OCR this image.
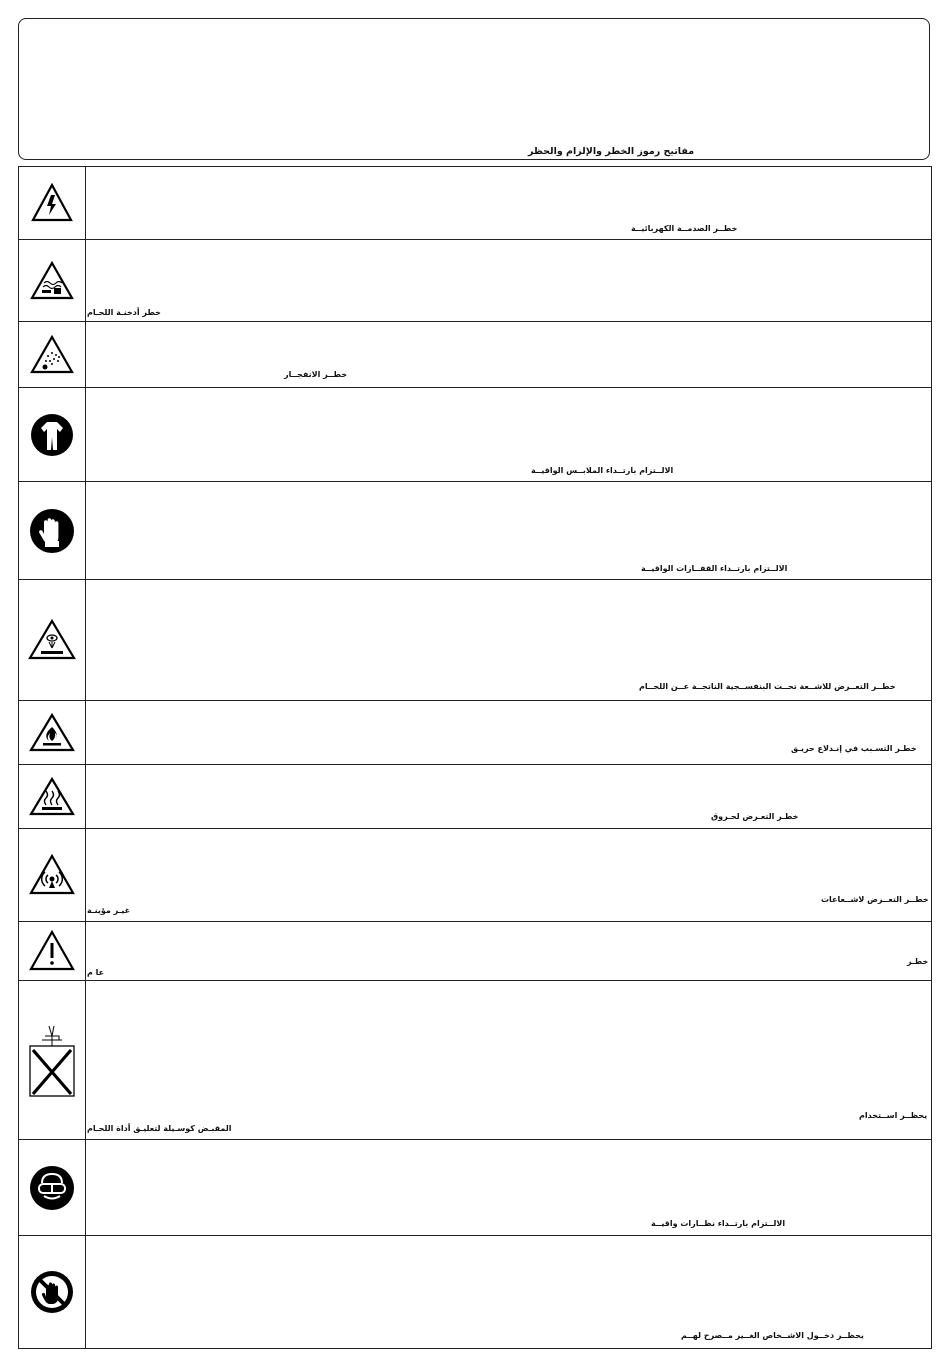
مفاتيح رموز الخطر والإلزام والحظر
خطــر الصدمــة الكهربائيــة
خطر أدخنـة اللحـام
خطــر الانفجــار
الالــتزام بارتــداء الملابــس الواقيــة
الالــتزام بارتــداء القفــازات الواقيــة
خطــر التعــرض للاشــعة تحــت البنفســجية الناتجــة عــن اللحــام
خطـر التسـبب في إنـدلاع حريـق
خطـر التعـرض لحـروق
خطــر التعــرض لاشــعاعات
غيـر مؤينـة
خطـر
عا م
يحظــر اســتخدام
المقبـض كوسـيلة لتعليـق أداة اللحـام
الالــتزام بارتــداء نظــارات واقيــة
يحظــر دخــول الاشــخاص الغــير مــصرح لهــم
